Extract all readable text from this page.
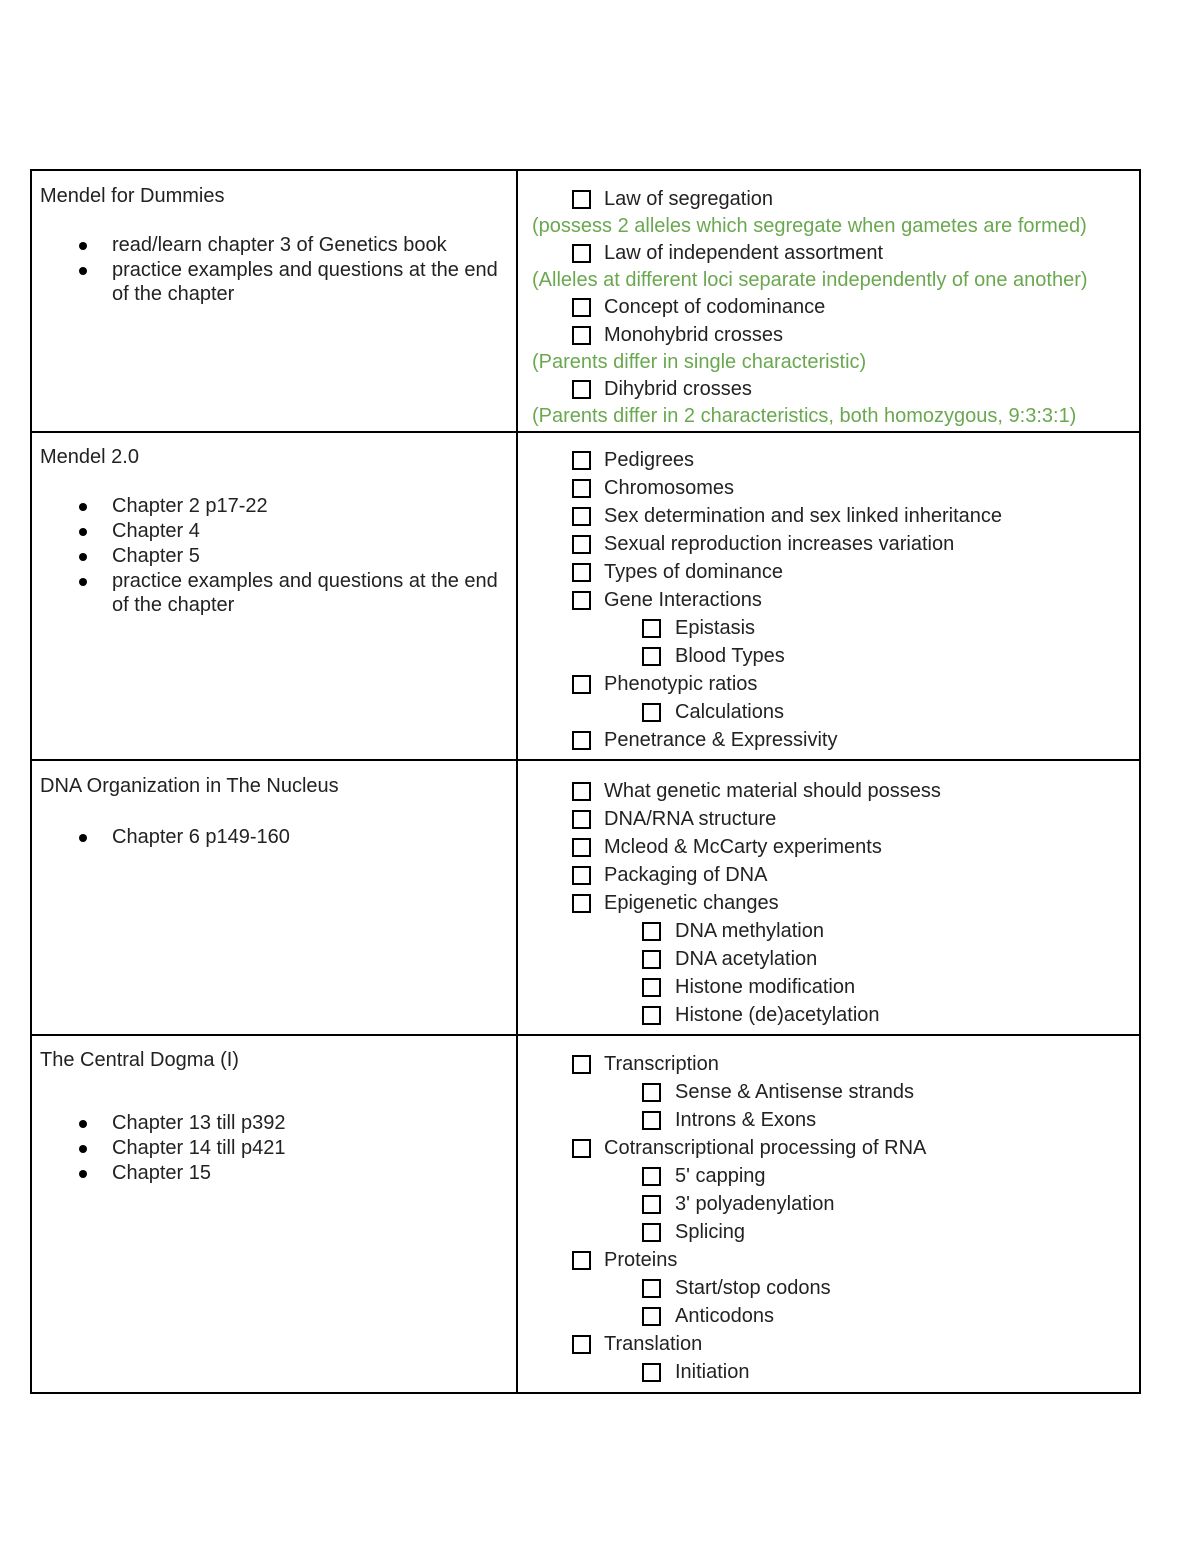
Mendel for Dummies
read/learn chapter 3 of Genetics book
practice examples and questions at the end of the chapter
Law of segregation
(possess 2 alleles which segregate when gametes are formed)
Law of independent assortment
(Alleles at different loci separate independently of one another)
Concept of codominance
Monohybrid crosses
(Parents differ in single characteristic)
Dihybrid crosses
(Parents differ in 2 characteristics, both homozygous, 9:3:3:1)
Mendel 2.0
Chapter 2 p17-22
Chapter 4
Chapter 5
practice examples and questions at the end of the chapter
Pedigrees
Chromosomes
Sex determination and sex linked inheritance
Sexual reproduction increases variation
Types of dominance
Gene Interactions
Epistasis
Blood Types
Phenotypic ratios
Calculations
Penetrance & Expressivity
DNA Organization in The Nucleus
Chapter 6 p149-160
What genetic material should possess
DNA/RNA structure
Mcleod & McCarty experiments
Packaging of DNA
Epigenetic changes
DNA methylation
DNA acetylation
Histone modification
Histone (de)acetylation
The Central Dogma (I)
Chapter 13 till p392
Chapter 14 till p421
Chapter 15
Transcription
Sense & Antisense strands
Introns & Exons
Cotranscriptional processing of RNA
5' capping
3' polyadenylation
Splicing
Proteins
Start/stop codons
Anticodons
Translation
Initiation
